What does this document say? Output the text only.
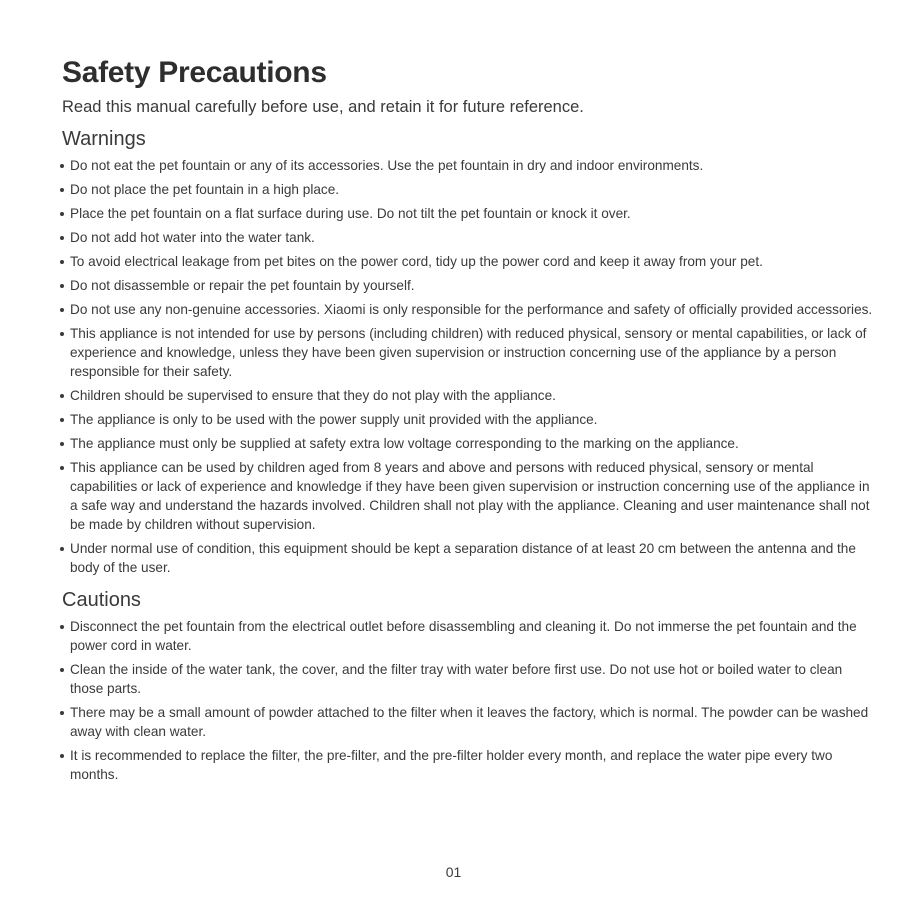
Safety Precautions

Read this manual carefully before use, and retain it for future reference.

Warnings
Do not eat the pet fountain or any of its accessories. Use the pet fountain in dry and indoor environments.
Do not place the pet fountain in a high place.
Place the pet fountain on a flat surface during use. Do not tilt the pet fountain or knock it over.
Do not add hot water into the water tank.
To avoid electrical leakage from pet bites on the power cord, tidy up the power cord and keep it away from your pet.
Do not disassemble or repair the pet fountain by yourself.
Do not use any non-genuine accessories. Xiaomi is only responsible for the performance and safety of officially provided accessories.
This appliance is not intended for use by persons (including children) with reduced physical, sensory or mental capabilities, or lack of experience and knowledge, unless they have been given supervision or instruction concerning use of the appliance by a person responsible for their safety.
Children should be supervised to ensure that they do not play with the appliance.
The appliance is only to be used with the power supply unit provided with the appliance.
The appliance must only be supplied at safety extra low voltage corresponding to the marking on the appliance.
This appliance can be used by children aged from 8 years and above and persons with reduced physical, sensory or mental capabilities or lack of experience and knowledge if they have been given supervision or instruction concerning use of the appliance in a safe way and understand the hazards involved. Children shall not play with the appliance. Cleaning and user maintenance shall not be made by children without supervision.
Under normal use of condition, this equipment should be kept a separation distance of at least 20 cm between the antenna and the body of the user.
Cautions
Disconnect the pet fountain from the electrical outlet before disassembling and cleaning it. Do not immerse the pet fountain and the power cord in water.
Clean the inside of the water tank, the cover, and the filter tray with water before first use. Do not use hot or boiled water to clean those parts.
There may be a small amount of powder attached to the filter when it leaves the factory, which is normal. The powder can be washed away with clean water.
It is recommended to replace the filter, the pre-filter, and the pre-filter holder every month, and replace the water pipe every two months.
01
